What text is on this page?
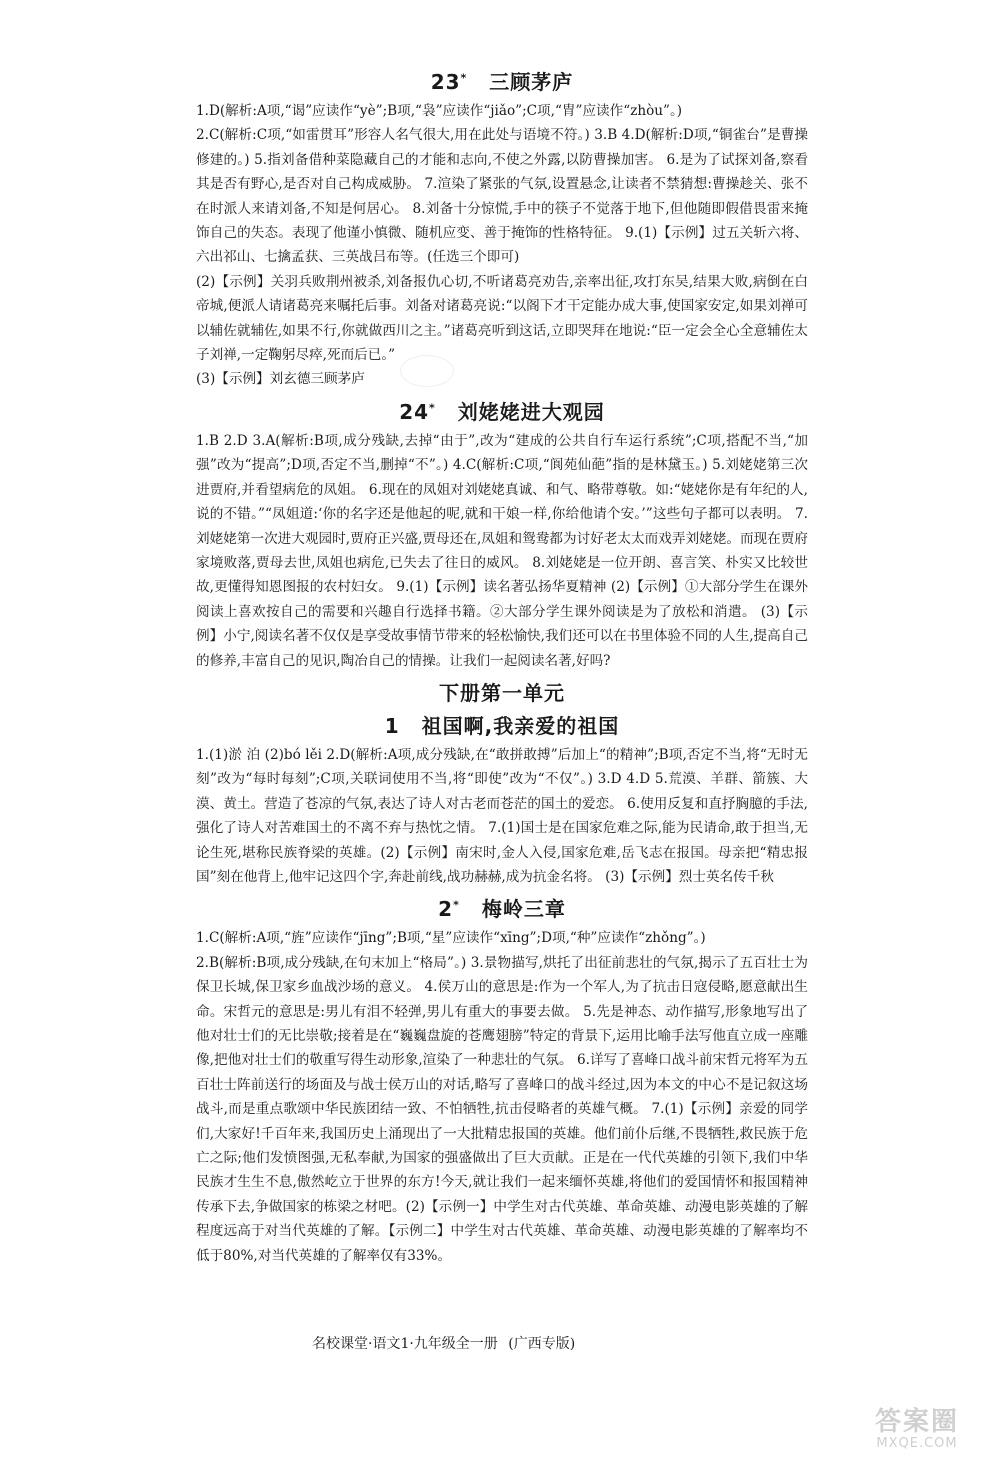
23* 三顾茅庐

1.D(解析:A项,“谒”应读作“yè”;B项,“袅”应读作“jiǎo”;C项,“胄”应读作“zhòu”。)

2.C(解析:C项,“如雷贯耳”形容人名气很大,用在此处与语境不符。) 3.B 4.D(解析:D项,“铜雀台”是曹操修建的。) 5.指刘备借种菜隐藏自己的才能和志向,不使之外露,以防曹操加害。 6.是为了试探刘备,察看其是否有野心,是否对自己构成威胁。 7.渲染了紧张的气氛,设置悬念,让读者不禁猜想:曹操趁关、张不在时派人来请刘备,不知是何居心。 8.刘备十分惊慌,手中的筷子不觉落于地下,但他随即假借畏雷来掩饰自己的失态。表现了他谨小慎微、随机应变、善于掩饰的性格特征。 9.(1)【示例】过五关斩六将、六出祁山、七擒孟获、三英战吕布等。(任选三个即可)

(2)【示例】关羽兵败荆州被杀,刘备报仇心切,不听诸葛亮劝告,亲率出征,攻打东吴,结果大败,病倒在白帝城,便派人请诸葛亮来嘱托后事。刘备对诸葛亮说:“以阁下才干定能办成大事,使国家安定,如果刘禅可以辅佐就辅佐,如果不行,你就做西川之主。”诸葛亮听到这话,立即哭拜在地说:“臣一定会全心全意辅佐太子刘禅,一定鞠躬尽瘁,死而后已。”

(3)【示例】刘玄德三顾茅庐

24* 刘姥姥进大观园

1.B 2.D 3.A(解析:B项,成分残缺,去掉“由于”,改为“建成的公共自行车运行系统”;C项,搭配不当,“加强”改为“提高”;D项,否定不当,删掉“不”。) 4.C(解析:C项,“阆苑仙葩”指的是林黛玉。) 5.刘姥姥第三次进贾府,并看望病危的凤姐。 6.现在的凤姐对刘姥姥真诚、和气、略带尊敬。如:“姥姥你是有年纪的人,说的不错。”“凤姐道:‘你的名字还是他起的呢,就和干娘一样,你给他请个安。’”这些句子都可以表明。 7.刘姥姥第一次进大观园时,贾府正兴盛,贾母还在,凤姐和鸳鸯都为讨好老太太而戏弄刘姥姥。而现在贾府家境败落,贾母去世,凤姐也病危,已失去了往日的威风。 8.刘姥姥是一位开朗、喜言笑、朴实又比较世故,更懂得知恩图报的农村妇女。 9.(1)【示例】读名著弘扬华夏精神 (2)【示例】①大部分学生在课外阅读上喜欢按自己的需要和兴趣自行选择书籍。②大部分学生课外阅读是为了放松和消遣。 (3)【示例】小宁,阅读名著不仅仅是享受故事情节带来的轻松愉快,我们还可以在书里体验不同的人生,提高自己的修养,丰富自己的见识,陶冶自己的情操。让我们一起阅读名著,好吗?

下册第一单元
1 祖国啊,我亲爱的祖国

1.(1)淤 泊 (2)bó lěi 2.D(解析:A项,成分残缺,在“敢拼敢搏”后加上“的精神”;B项,否定不当,将“无时无刻”改为“每时每刻”;C项,关联词使用不当,将“即使”改为“不仅”。) 3.D 4.D 5.荒漠、羊群、箭簇、大漠、黄土。营造了苍凉的气氛,表达了诗人对古老而苍茫的国土的爱恋。 6.使用反复和直抒胸臆的手法,强化了诗人对苦难国土的不离不弃与热忱之情。 7.(1)国士是在国家危难之际,能为民请命,敢于担当,无论生死,堪称民族脊梁的英雄。(2)【示例】南宋时,金人入侵,国家危难,岳飞志在报国。母亲把“精忠报国”刻在他背上,他牢记这四个字,奔赴前线,战功赫赫,成为抗金名将。 (3)【示例】烈士英名传千秋

2* 梅岭三章

1.C(解析:A项,“旌”应读作“jīng”;B项,“星”应读作“xīng”;D项,“种”应读作“zhǒng”。)

2.B(解析:B项,成分残缺,在句末加上“格局”。) 3.景物描写,烘托了出征前悲壮的气氛,揭示了五百壮士为保卫长城,保卫家乡血战沙场的意义。 4.侯万山的意思是:作为一个军人,为了抗击日寇侵略,愿意献出生命。宋哲元的意思是:男儿有泪不轻弹,男儿有重大的事要去做。 5.先是神态、动作描写,形象地写出了他对壮士们的无比崇敬;接着是在“巍巍盘旋的苍鹰翅膀”特定的背景下,运用比喻手法写他直立成一座雕像,把他对壮士们的敬重写得生动形象,渲染了一种悲壮的气氛。 6.详写了喜峰口战斗前宋哲元将军为五百壮士阵前送行的场面及与战士侯万山的对话,略写了喜峰口的战斗经过,因为本文的中心不是记叙这场战斗,而是重点歌颂中华民族团结一致、不怕牺牲,抗击侵略者的英雄气概。 7.(1)【示例】亲爱的同学们,大家好!千百年来,我国历史上涌现出了一大批精忠报国的英雄。他们前仆后继,不畏牺牲,救民族于危亡之际;他们发愤图强,无私奉献,为国家的强盛做出了巨大贡献。正是在一代代英雄的引领下,我们中华民族才生生不息,傲然屹立于世界的东方!今天,就让我们一起来缅怀英雄,将他们的爱国情怀和报国精神传承下去,争做国家的栋梁之材吧。(2)【示例一】中学生对古代英雄、革命英雄、动漫电影英雄的了解程度远高于对当代英雄的了解。【示例二】中学生对古代英雄、革命英雄、动漫电影英雄的了解率均不低于80%,对当代英雄的了解率仅有33%。

名校课堂·语文1·九年级全一册 (广西专版)
答案圈
MXQE.COM
